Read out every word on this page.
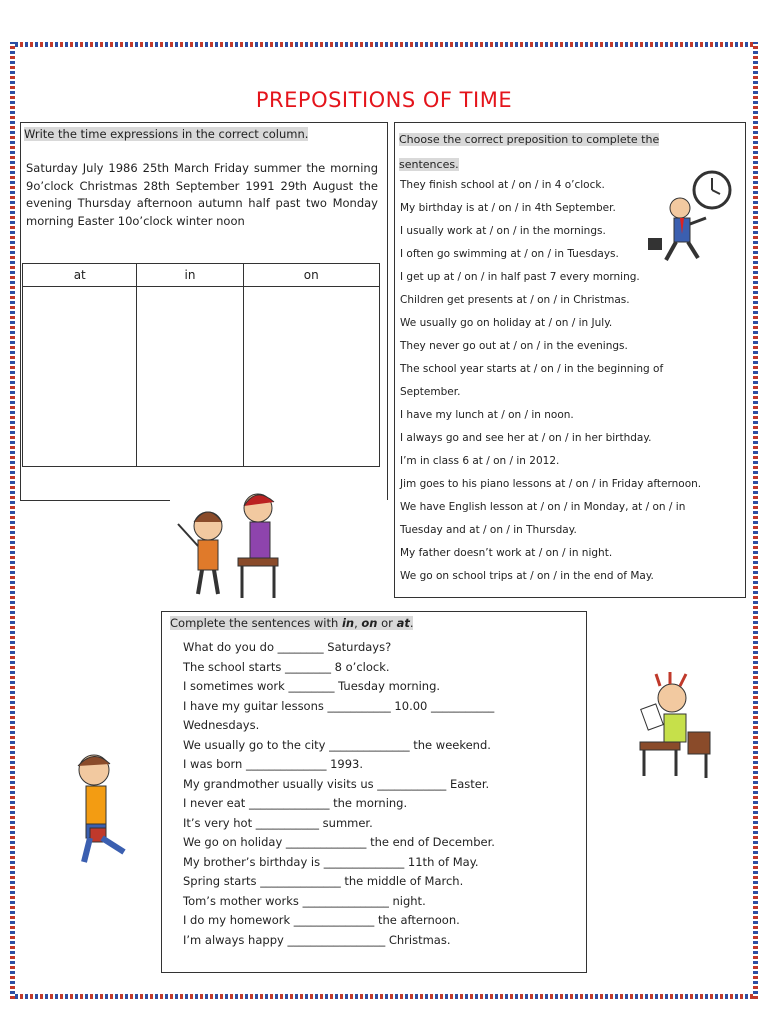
PREPOSITIONS OF TIME
Write the time expressions in the correct column.
Saturday July 1986 25th March Friday summer the morning 9o’clock Christmas 28th September 1991 29th August the evening Thursday afternoon autumn half past two Monday morning Easter 10o’clock winter noon
at	in	on

Choose the correct preposition to complete the
sentences.
They finish school at / on / in 4 o’clock.
My birthday is at / on / in 4th September.
I usually work at / on / in the mornings.
I often go swimming at / on / in Tuesdays.
I get up at / on / in half past 7 every morning.
Children get presents at / on / in Christmas.
We usually go on holiday at / on / in July.
They never go out at / on / in the evenings.
The school year starts at / on / in the beginning of
September.
I have my lunch at / on / in noon.
I always go and see her at / on / in her birthday.
I’m in class 6 at / on / in 2012.
Jim goes to his piano lessons at / on / in Friday afternoon.
We have English lesson at / on / in Monday, at / on / in
Tuesday and at / on / in Thursday.
My father doesn’t work at / on / in night.
We go on school trips at / on / in the end of May.
Complete the sentences with in, on or at.
What do you do ________ Saturdays?
The school starts ________ 8 o’clock.
I sometimes work ________ Tuesday morning.
I have my guitar lessons ___________ 10.00 ___________
Wednesdays.
We usually go to the city ______________ the weekend.
I was born ______________ 1993.
My grandmother usually visits us ____________ Easter.
I never eat ______________ the morning.
It’s very hot ___________ summer.
We go on holiday ______________ the end of December.
My brother’s birthday is ______________ 11th of May.
Spring starts ______________ the middle of March.
Tom’s mother works _______________ night.
I do my homework ______________ the afternoon.
I’m always happy _________________ Christmas.
